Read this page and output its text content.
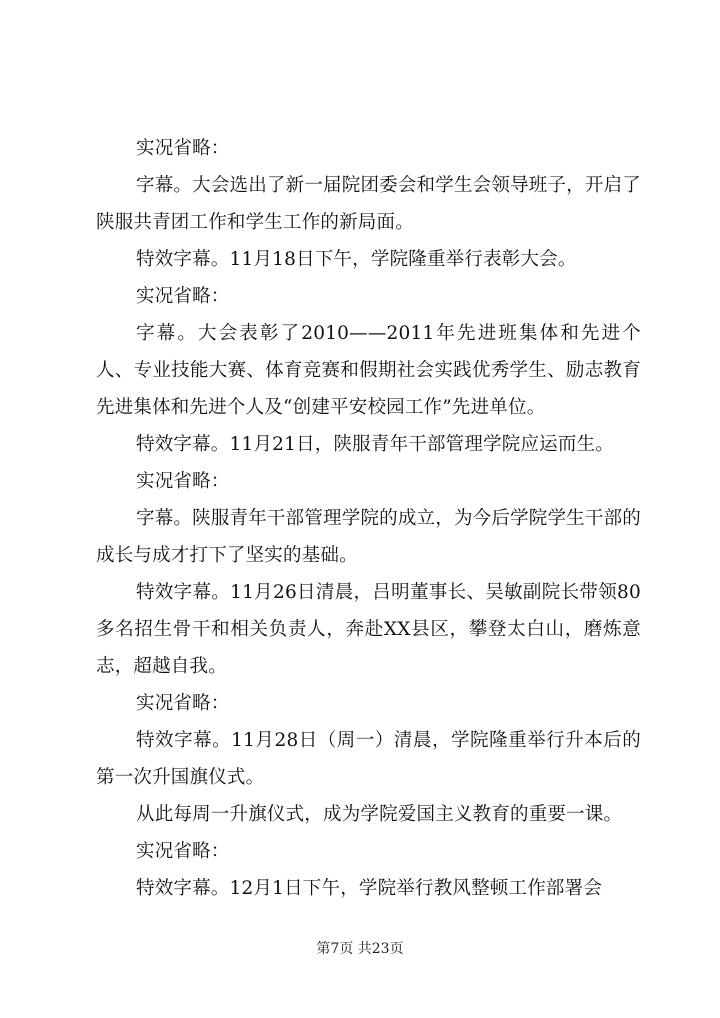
实况省略：

字幕。大会选出了新一届院团委会和学生会领导班子，开启了陕服共青团工作和学生工作的新局面。

特效字幕。11月18日下午，学院隆重举行表彰大会。

实况省略：

字幕。大会表彰了2010——2011年先进班集体和先进个人、专业技能大赛、体育竞赛和假期社会实践优秀学生、励志教育先进集体和先进个人及“创建平安校园工作”先进单位。

特效字幕。11月21日，陕服青年干部管理学院应运而生。

实况省略：

字幕。陕服青年干部管理学院的成立，为今后学院学生干部的成长与成才打下了坚实的基础。

特效字幕。11月26日清晨，吕明董事长、吴敏副院长带领80多名招生骨干和相关负责人，奔赴XX县区，攀登太白山，磨炼意志，超越自我。

实况省略：

特效字幕。11月28日（周一）清晨，学院隆重举行升本后的第一次升国旗仪式。

从此每周一升旗仪式，成为学院爱国主义教育的重要一课。

实况省略：

特效字幕。12月1日下午，学院举行教风整顿工作部署会

第7页 共23页
